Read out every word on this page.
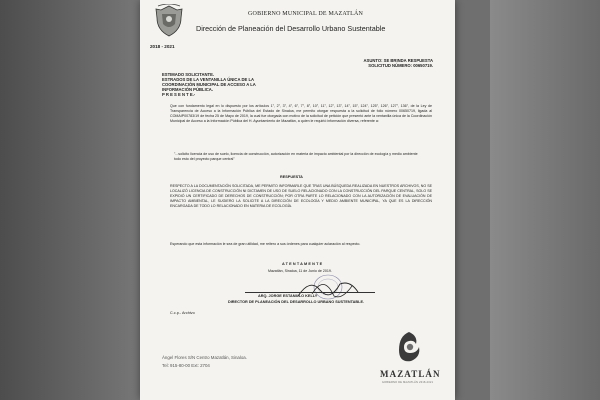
2018 - 2021
GOBIERNO MUNICIPAL DE MAZATLÁN
Dirección de Planeación del Desarrollo Urbano Sustentable
ASUNTO: SE BRINDA RESPUESTA
SOLICITUD NÚMERO: 00650719.
ESTIMADO SOLICITANTE.
ESTRADOS DE LA VENTANILLA ÚNICA DE LA
COORDINACIÓN MUNICIPAL DE ACCESO A LA
INFORMACIÓN PÚBLICA.
P R E S E N T E.-
Que con fundamento legal en lo dispuesto por los artículos 1°, 2°, 3°, 4°, 6°, 7°, 8°, 10°, 11°, 12°, 13°, 14°, 15°, 124°, 125°, 126°, 127°, 136°, de la Ley de Transparencia de Acceso a la Información Pública del Estado de Sinaloa, me permito otorgar respuesta a la solicitud de folio número 00650719, ligada al COMAIP00783/19 de fecha 25 de Mayo de 2019, la cual fue otorgada con motivo de la solicitud de petición que presentó ante la ventanilla única de la Coordinación Municipal de Acceso a la Información Pública del H. Ayuntamiento de Mazatlán, a quien le requirió información diversa, referente a:
"...solicito licencia de uso de suelo, licencia de construcción, autorización en materia de impacto ambiental por la dirección de ecología y medio ambiente todo esto del proyecto parque central"
RESPUESTA
RESPECTO A LA DOCUMENTACIÓN SOLICITADA, ME PERMITO INFORMARLE QUE TRAS UNA BÚSQUEDA REALIZADA EN NUESTROS ARCHIVOS, NO SE LOCALIZÓ LICENCIA DE CONSTRUCCIÓN NI DICTAMEN DE USO DE SUELO RELACIONADO CON LA CONSTRUCCIÓN DEL PARQUE CENTRAL, SOLO SE EXPIDIÓ UN CERTIFICADO DE DERECHOS DE CONSTRUCCIÓN; POR OTRA PARTE LO RELACIONADO CON LA AUTORIZACIÓN DE EVALUACIÓN DE IMPACTO AMBIENTAL, LE SUGIERO LA SOLICITE A LA DIRECCIÓN DE ECOLOGÍA Y MEDIO AMBIENTE MUNICIPAL, YA QUE ES LA DIRECCIÓN ENCARGADA DE TODO LO RELACIONADO EN MATERIA DE ECOLOGÍA.
Esperando que esta información le sea de gran utilidad, me reitero a sus órdenes para cualquier aclaración al respecto.
ATENTAMENTE
Mazatlán, Sinaloa, 11 de Junio de 2019.
ARQ. JORGE ESTANILLO KELLY
DIRECTOR DE PLANEACIÓN DEL DESARROLLO URBANO SUSTENTABLE.
C.c.p.- Archivo
Ángel Flores S/N Centro Mazatlán, Sinaloa.
Tel: 915-80-00 Ext: 2704
MAZATLÁN
GOBIERNO DE MAZATLÁN 2018-2021
